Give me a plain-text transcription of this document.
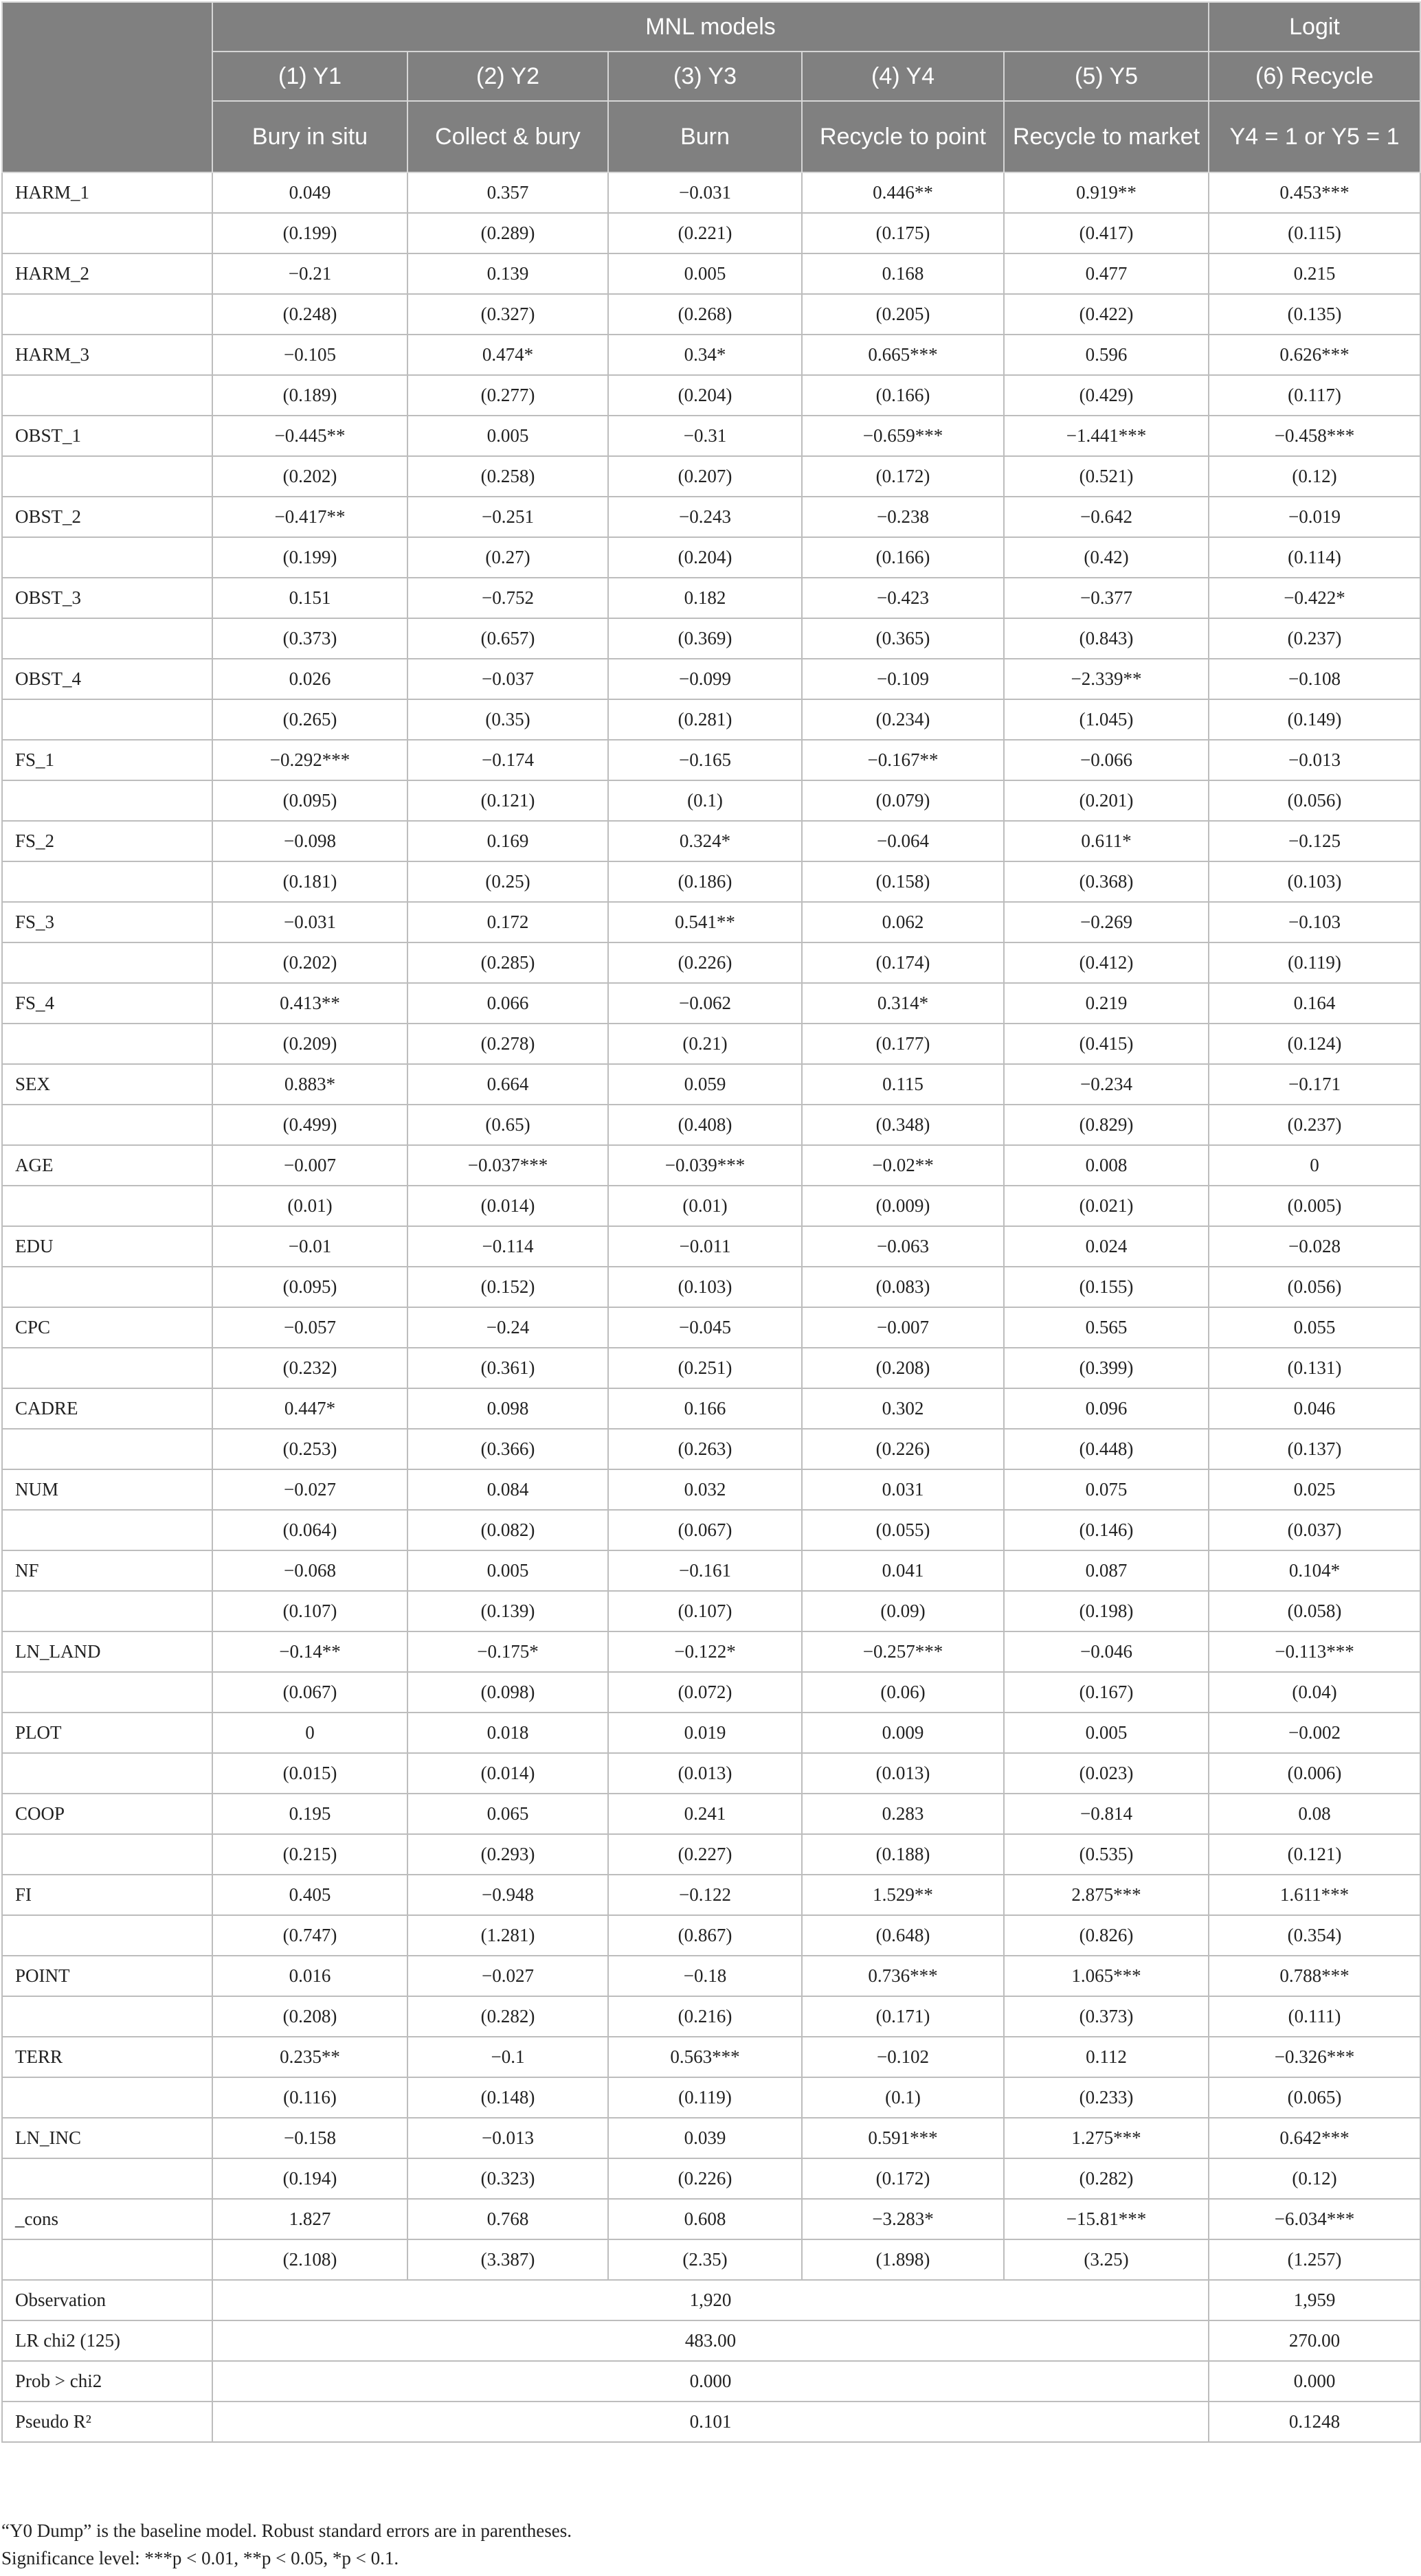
	MNL models					Logit
	(1) Y1	(2) Y2	(3) Y3	(4) Y4	(5) Y5	(6) Recycle
	Bury in situ	Collect & bury	Burn	Recycle to point	Recycle to market	Y4 = 1 or Y5 = 1
HARM_1	0.049	0.357	−0.031	0.446**	0.919**	0.453***
	(0.199)	(0.289)	(0.221)	(0.175)	(0.417)	(0.115)
HARM_2	−0.21	0.139	0.005	0.168	0.477	0.215
	(0.248)	(0.327)	(0.268)	(0.205)	(0.422)	(0.135)
HARM_3	−0.105	0.474*	0.34*	0.665***	0.596	0.626***
	(0.189)	(0.277)	(0.204)	(0.166)	(0.429)	(0.117)
OBST_1	−0.445**	0.005	−0.31	−0.659***	−1.441***	−0.458***
	(0.202)	(0.258)	(0.207)	(0.172)	(0.521)	(0.12)
OBST_2	−0.417**	−0.251	−0.243	−0.238	−0.642	−0.019
	(0.199)	(0.27)	(0.204)	(0.166)	(0.42)	(0.114)
OBST_3	0.151	−0.752	0.182	−0.423	−0.377	−0.422*
	(0.373)	(0.657)	(0.369)	(0.365)	(0.843)	(0.237)
OBST_4	0.026	−0.037	−0.099	−0.109	−2.339**	−0.108
	(0.265)	(0.35)	(0.281)	(0.234)	(1.045)	(0.149)
FS_1	−0.292***	−0.174	−0.165	−0.167**	−0.066	−0.013
	(0.095)	(0.121)	(0.1)	(0.079)	(0.201)	(0.056)
FS_2	−0.098	0.169	0.324*	−0.064	0.611*	−0.125
	(0.181)	(0.25)	(0.186)	(0.158)	(0.368)	(0.103)
FS_3	−0.031	0.172	0.541**	0.062	−0.269	−0.103
	(0.202)	(0.285)	(0.226)	(0.174)	(0.412)	(0.119)
FS_4	0.413**	0.066	−0.062	0.314*	0.219	0.164
	(0.209)	(0.278)	(0.21)	(0.177)	(0.415)	(0.124)
SEX	0.883*	0.664	0.059	0.115	−0.234	−0.171
	(0.499)	(0.65)	(0.408)	(0.348)	(0.829)	(0.237)
AGE	−0.007	−0.037***	−0.039***	−0.02**	0.008	0
	(0.01)	(0.014)	(0.01)	(0.009)	(0.021)	(0.005)
EDU	−0.01	−0.114	−0.011	−0.063	0.024	−0.028
	(0.095)	(0.152)	(0.103)	(0.083)	(0.155)	(0.056)
CPC	−0.057	−0.24	−0.045	−0.007	0.565	0.055
	(0.232)	(0.361)	(0.251)	(0.208)	(0.399)	(0.131)
CADRE	0.447*	0.098	0.166	0.302	0.096	0.046
	(0.253)	(0.366)	(0.263)	(0.226)	(0.448)	(0.137)
NUM	−0.027	0.084	0.032	0.031	0.075	0.025
	(0.064)	(0.082)	(0.067)	(0.055)	(0.146)	(0.037)
NF	−0.068	0.005	−0.161	0.041	0.087	0.104*
	(0.107)	(0.139)	(0.107)	(0.09)	(0.198)	(0.058)
LN_LAND	−0.14**	−0.175*	−0.122*	−0.257***	−0.046	−0.113***
	(0.067)	(0.098)	(0.072)	(0.06)	(0.167)	(0.04)
PLOT	0	0.018	0.019	0.009	0.005	−0.002
	(0.015)	(0.014)	(0.013)	(0.013)	(0.023)	(0.006)
COOP	0.195	0.065	0.241	0.283	−0.814	0.08
	(0.215)	(0.293)	(0.227)	(0.188)	(0.535)	(0.121)
FI	0.405	−0.948	−0.122	1.529**	2.875***	1.611***
	(0.747)	(1.281)	(0.867)	(0.648)	(0.826)	(0.354)
POINT	0.016	−0.027	−0.18	0.736***	1.065***	0.788***
	(0.208)	(0.282)	(0.216)	(0.171)	(0.373)	(0.111)
TERR	0.235**	−0.1	0.563***	−0.102	0.112	−0.326***
	(0.116)	(0.148)	(0.119)	(0.1)	(0.233)	(0.065)
LN_INC	−0.158	−0.013	0.039	0.591***	1.275***	0.642***
	(0.194)	(0.323)	(0.226)	(0.172)	(0.282)	(0.12)
_cons	1.827	0.768	0.608	−3.283*	−15.81***	−6.034***
	(2.108)	(3.387)	(2.35)	(1.898)	(3.25)	(1.257)
Observation	1,920					1,959
LR chi2 (125)	483.00					270.00
Prob > chi2	0.000					0.000
Pseudo R²	0.101					0.1248
“Y0 Dump” is the baseline model. Robust standard errors are in parentheses.
Significance level: ***p < 0.01, **p < 0.05, *p < 0.1.
